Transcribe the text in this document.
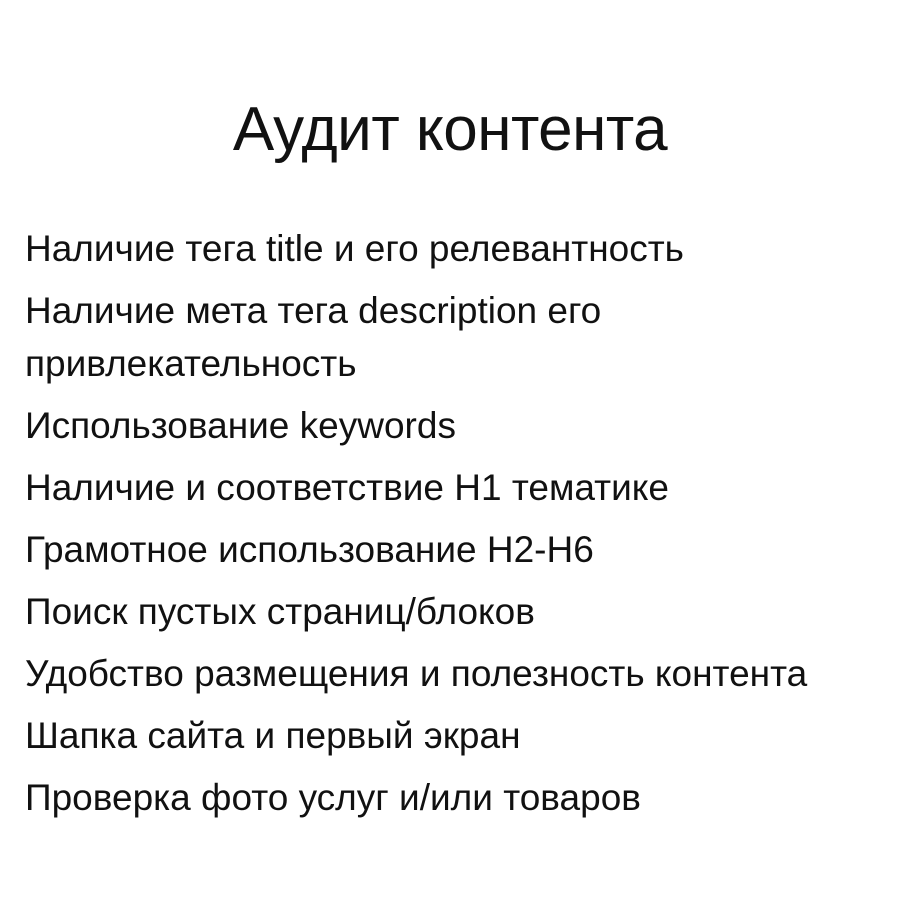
Аудит контента
Наличие тега title и его релевантность
Наличие мета тега description его
привлекательность
Использование keywords
Наличие и соответствие H1 тематике
Грамотное использование H2-H6
Поиск пустых страниц/блоков
Удобство размещения и полезность контента
Шапка сайта и первый экран
Проверка фото услуг и/или товаров
